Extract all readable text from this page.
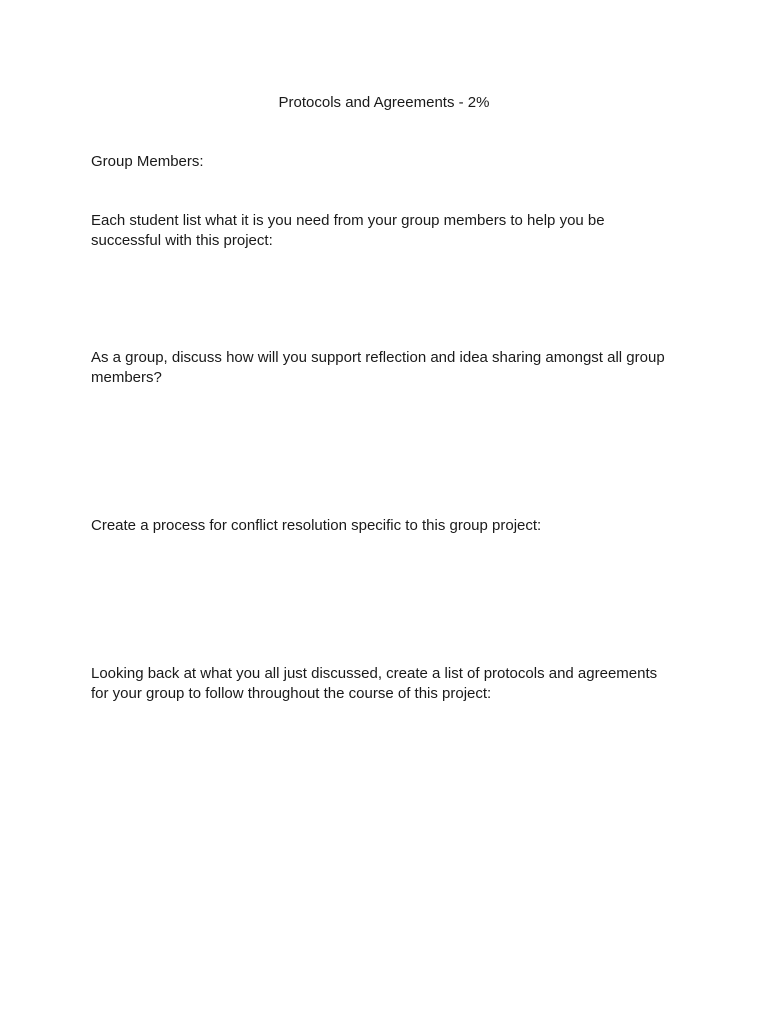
Protocols and Agreements - 2%

Group Members:

Each student list what it is you need from your group members to help you be successful with this project:

As a group, discuss how will you support reflection and idea sharing amongst all group members?

Create a process for conflict resolution specific to this group project:

Looking back at what you all just discussed, create a list of protocols and agreements for your group to follow throughout the course of this project:
